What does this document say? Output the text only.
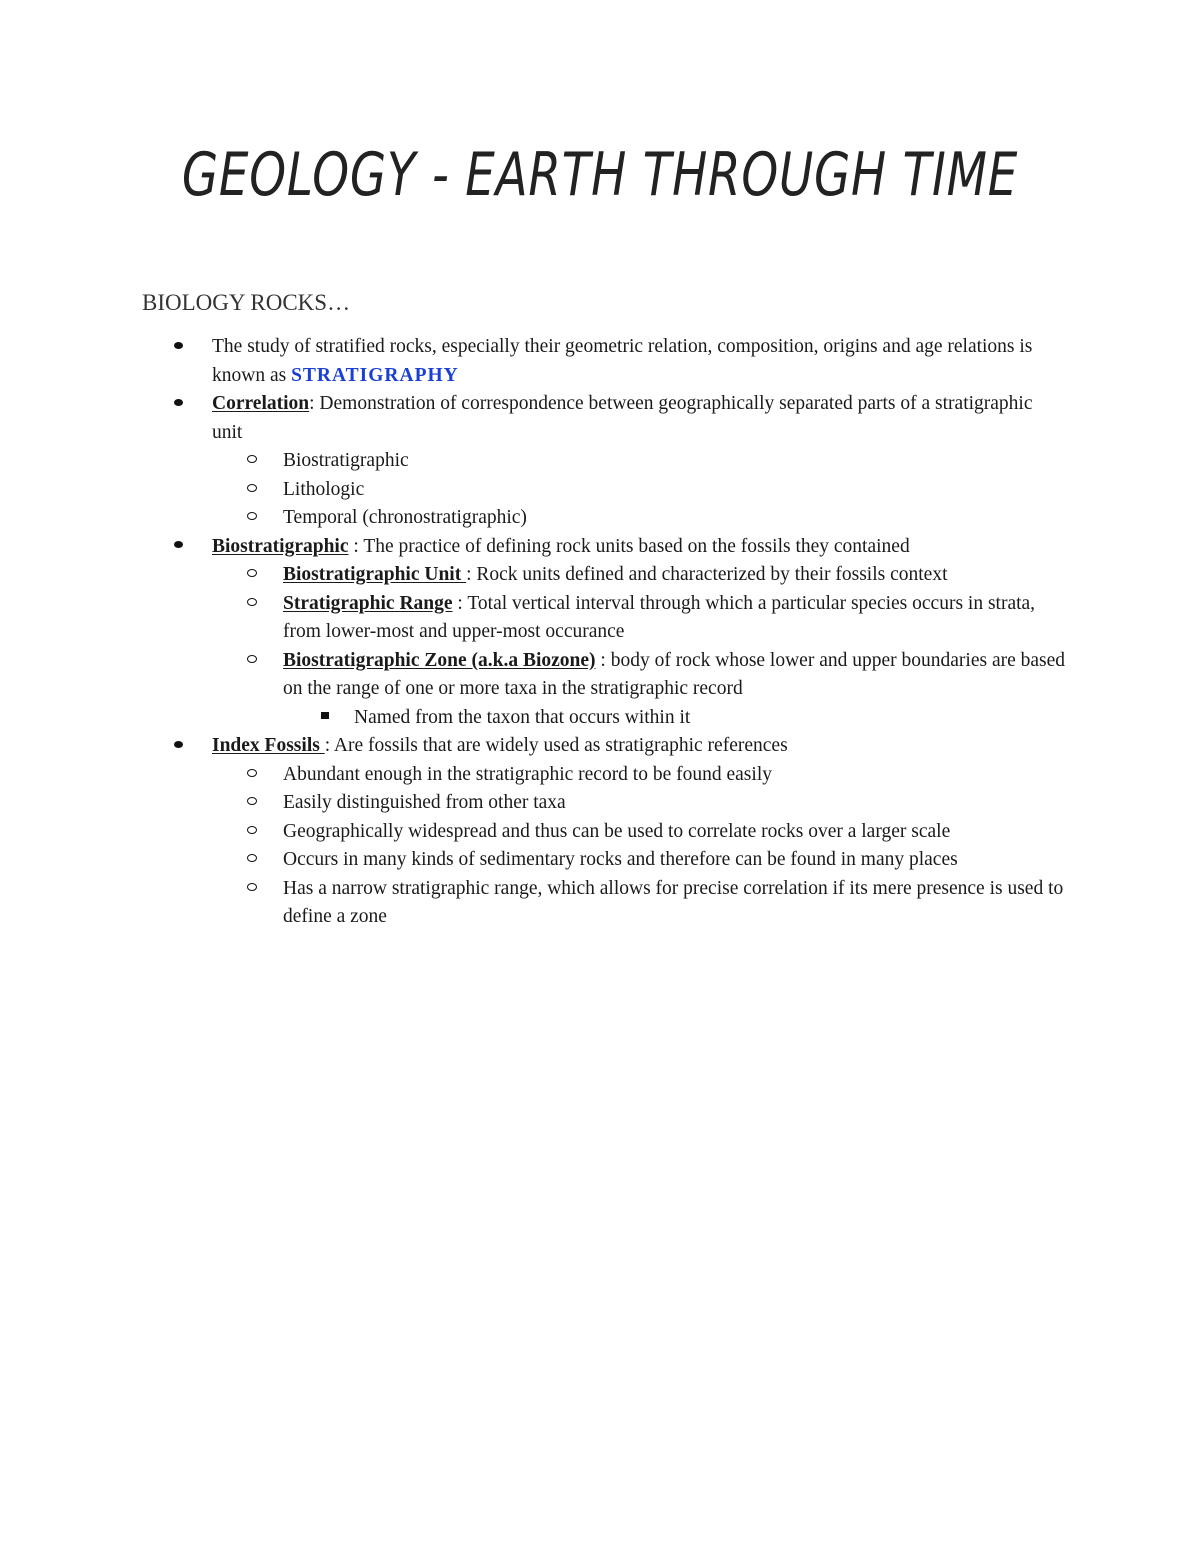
GEOLOGY - EARTH THROUGH TIME
BIOLOGY ROCKS…
The study of stratified rocks, especially their geometric relation, composition, origins and age relations is known as STRATIGRAPHY
Correlation: Demonstration of correspondence between geographically separated parts of a stratigraphic unit
Biostratigraphic
Lithologic
Temporal (chronostratigraphic)
Biostratigraphic : The practice of defining rock units based on the fossils they contained
Biostratigraphic Unit : Rock units defined and characterized by their fossils context
Stratigraphic Range : Total vertical interval through which a particular species occurs in strata, from lower-most and upper-most occurance
Biostratigraphic Zone (a.k.a Biozone) : body of rock whose lower and upper boundaries are based on the range of one or more taxa in the stratigraphic record
Named from the taxon that occurs within it
Index Fossils : Are fossils that are widely used as stratigraphic references
Abundant enough in the stratigraphic record to be found easily
Easily distinguished from other taxa
Geographically widespread and thus can be used to correlate rocks over a larger scale
Occurs in many kinds of sedimentary rocks and therefore can be found in many places
Has a narrow stratigraphic range, which allows for precise correlation if its mere presence is used to define a zone
